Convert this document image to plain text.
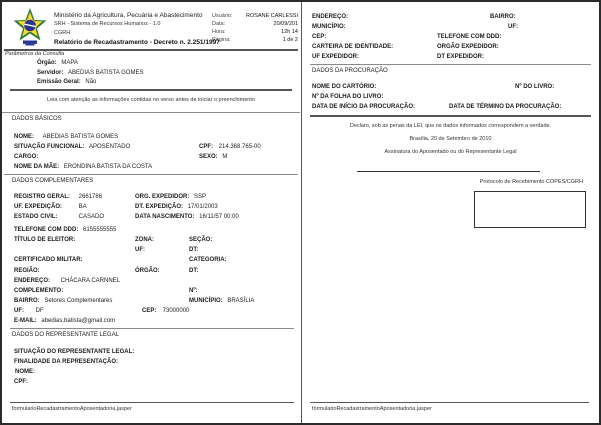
Ministério da Agricultura, Pecuária e Abastecimento
SRH - Sistema de Recursos Humanos - 1.0
CGRH
Relatório de Recadastramento - Decreto n. 2.251/1997
Usuário: ROSANE CARLESSI
Data:	20/09/201
Hora:	12h 14
Página:	1 de 2
Parâmetros da Consulta
Órgão: MAPA
Servidor: ABEDIAS BATISTA GOMES
Emissão Geral: Não
Leia com atenção as informações contidas no verso antes de iniciar o preenchimento
DADOS BÁSICOS
NOME: ABEDIAS BATISTA GOMES
SITUAÇÃO FUNCIONAL: APOSENTADO	CPF: 214.368.765-00
CARGO:	SEXO: M
NOME DA MÃE: ERONDINA BATISTA DA COSTA
DADOS COMPLEMENTARES
REGISTRO GERAL: 2661786	ORG. EXPEDIDOR: SSP
UF. EXPEDIÇÃO:	BA	DT. EXPEDIÇÃO: 17/01/2003
ESTADO CIVIL:	CASADO	DATA NASCIMENTO: 16/11/57 00:00
TELEFONE COM DDD: 6155555555
TÍTULO DE ELEITOR:	ZONA:	SEÇÃO:
UF:	DT:
CERTIFICADO MILITAR:	CATEGORIA:
REGIÃO:	ÓRGÃO:	DT:
ENDEREÇO: CHÁCARA CARNNEL
COMPLEMENTO:	Nº:
BAIRRO: Setores Complementares	MUNICÍPIO: BRASÍLIA
UF: DF	CEP: 73000000
E-MAIL: abedias.batista@gmail.com
DADOS DO REPRESENTANTE LEGAL
SITUAÇÃO DO REPRESENTANTE LEGAL:
FINALIDADE DA REPRESENTAÇÃO:
NOME:
CPF:
formularioRecadastramentoAposentadoria.jasper
ENDEREÇO:	BAIRRO:
MUNICÍPIO:	UF:
CEP:	TELEFONE COM DDD:
CARTEIRA DE IDENTIDADE:	ORGÃO EXPEDIDOR:
UF EXPEDIDOR:	DT EXPEDIDOR:
DADOS DA PROCURAÇÃO
NOME DO CARTÓRIO:	Nº DO LIVRO:
Nº DA FOLHA DO LIVRO:
DATA DE INÍCIO DA PROCURAÇÃO:	DATA DE TÉRMINO DA PROCURAÇÃO:
Declaro, sob as penas da LEI, que os dados informados correspondem a verdade.
Brasília, 20 de Setembro de 2010
Assinatura do Aposentado ou do Representante Legal
Protocolo de Recebimento COPES/CGRH
formularioRecadastramentoAposentadoria.jasper
